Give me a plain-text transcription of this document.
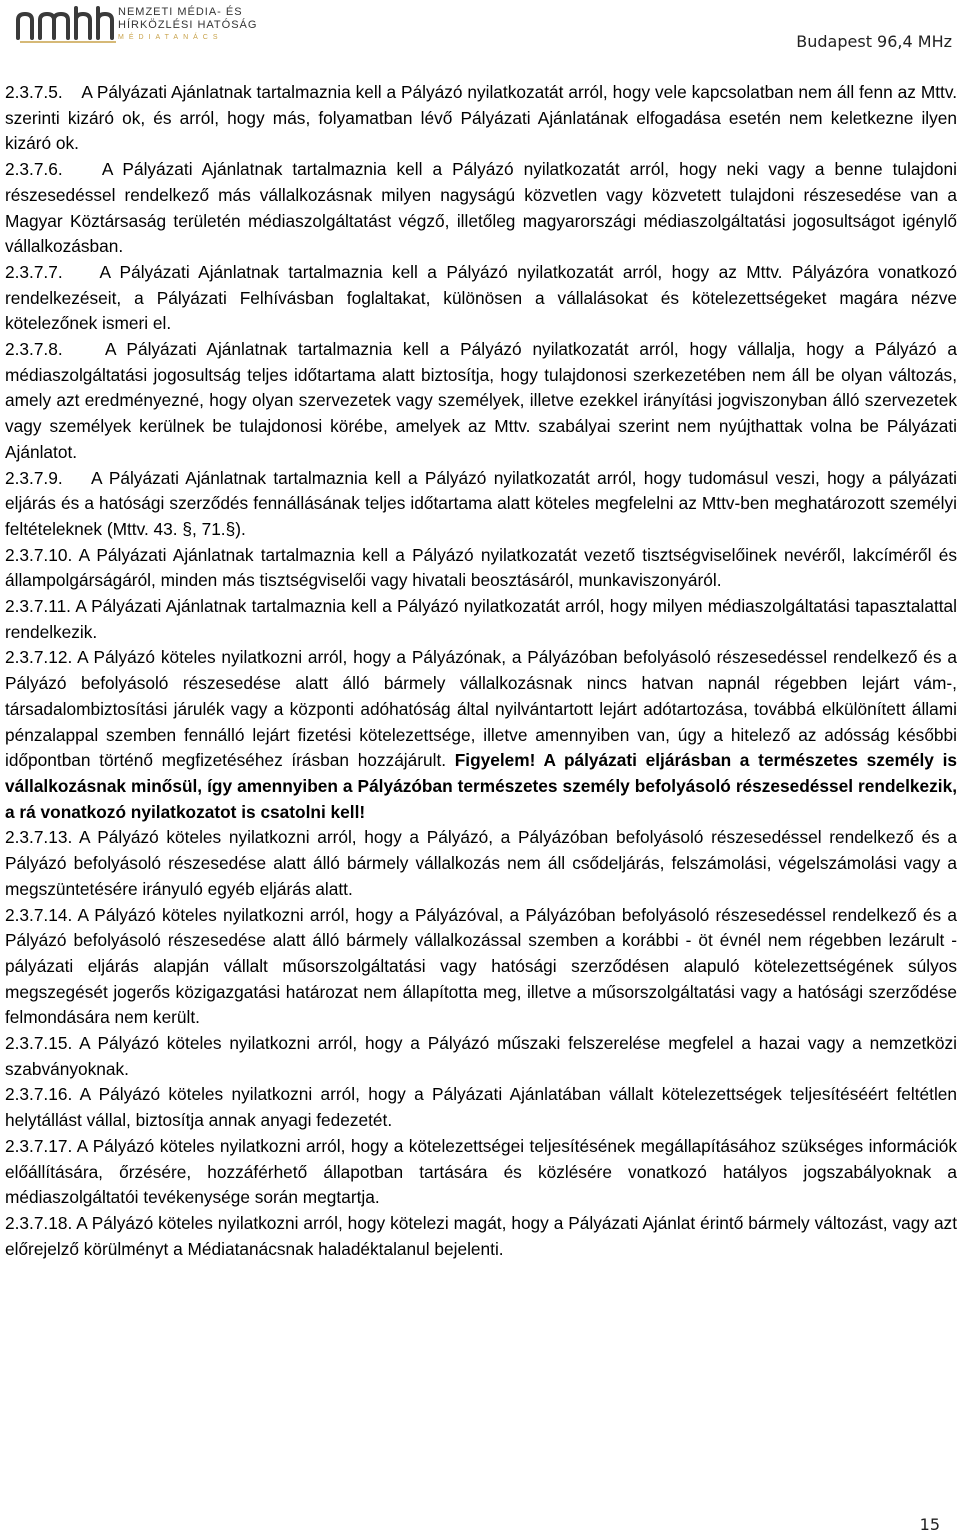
NEMZETI MÉDIA- ÉS
HÍRKÖZLÉSI HATÓSÁG
MÉDIATANÁCS	Budapest 96,4 MHz

2.3.7.5. A Pályázati Ajánlatnak tartalmaznia kell a Pályázó nyilatkozatát arról, hogy vele kapcsolatban nem áll fenn az Mttv. szerinti kizáró ok, és arról, hogy más, folyamatban lévő Pályázati Ajánlatának elfogadása esetén nem keletkezne ilyen kizáró ok.

2.3.7.6. A Pályázati Ajánlatnak tartalmaznia kell a Pályázó nyilatkozatát arról, hogy neki vagy a benne tulajdoni részesedéssel rendelkező más vállalkozásnak milyen nagyságú közvetlen vagy közvetett tulajdoni részesedése van a Magyar Köztársaság területén médiaszolgáltatást végző, illetőleg magyarországi médiaszolgáltatási jogosultságot igénylő vállalkozásban.

2.3.7.7. A Pályázati Ajánlatnak tartalmaznia kell a Pályázó nyilatkozatát arról, hogy az Mttv. Pályázóra vonatkozó rendelkezéseit, a Pályázati Felhívásban foglaltakat, különösen a vállalásokat és kötelezettségeket magára nézve kötelezőnek ismeri el.

2.3.7.8. A Pályázati Ajánlatnak tartalmaznia kell a Pályázó nyilatkozatát arról, hogy vállalja, hogy a Pályázó a médiaszolgáltatási jogosultság teljes időtartama alatt biztosítja, hogy tulajdonosi szerkezetében nem áll be olyan változás, amely azt eredményezné, hogy olyan szervezetek vagy személyek, illetve ezekkel irányítási jogviszonyban álló szervezetek vagy személyek kerülnek be tulajdonosi körébe, amelyek az Mttv. szabályai szerint nem nyújthattak volna be Pályázati Ajánlatot.

2.3.7.9. A Pályázati Ajánlatnak tartalmaznia kell a Pályázó nyilatkozatát arról, hogy tudomásul veszi, hogy a pályázati eljárás és a hatósági szerződés fennállásának teljes időtartama alatt köteles megfelelni az Mttv-ben meghatározott személyi feltételeknek (Mttv. 43. §, 71.§).

2.3.7.10. A Pályázati Ajánlatnak tartalmaznia kell a Pályázó nyilatkozatát vezető tisztségviselőinek nevéről, lakcíméről és állampolgárságáról, minden más tisztségviselői vagy hivatali beosztásáról, munkaviszonyáról.

2.3.7.11. A Pályázati Ajánlatnak tartalmaznia kell a Pályázó nyilatkozatát arról, hogy milyen médiaszolgáltatási tapasztalattal rendelkezik.

2.3.7.12. A Pályázó köteles nyilatkozni arról, hogy a Pályázónak, a Pályázóban befolyásoló részesedéssel rendelkező és a Pályázó befolyásoló részesedése alatt álló bármely vállalkozásnak nincs hatvan napnál régebben lejárt vám-, társadalombiztosítási járulék vagy a központi adóhatóság által nyilvántartott lejárt adótartozása, továbbá elkülönített állami pénzalappal szemben fennálló lejárt fizetési kötelezettsége, illetve amennyiben van, úgy a hitelező az adósság későbbi időpontban történő megfizetéséhez írásban hozzájárult. Figyelem! A pályázati eljárásban a természetes személy is vállalkozásnak minősül, így amennyiben a Pályázóban természetes személy befolyásoló részesedéssel rendelkezik, a rá vonatkozó nyilatkozatot is csatolni kell!

2.3.7.13. A Pályázó köteles nyilatkozni arról, hogy a Pályázó, a Pályázóban befolyásoló részesedéssel rendelkező és a Pályázó befolyásoló részesedése alatt álló bármely vállalkozás nem áll csődeljárás, felszámolási, végelszámolási vagy a megszüntetésére irányuló egyéb eljárás alatt.

2.3.7.14. A Pályázó köteles nyilatkozni arról, hogy a Pályázóval, a Pályázóban befolyásoló részesedéssel rendelkező és a Pályázó befolyásoló részesedése alatt álló bármely vállalkozással szemben a korábbi - öt évnél nem régebben lezárult - pályázati eljárás alapján vállalt műsorszolgáltatási vagy hatósági szerződésen alapuló kötelezettségének súlyos megszegését jogerős közigazgatási határozat nem állapította meg, illetve a műsorszolgáltatási vagy a hatósági szerződése felmondására nem került.

2.3.7.15. A Pályázó köteles nyilatkozni arról, hogy a Pályázó műszaki felszerelése megfelel a hazai vagy a nemzetközi szabványoknak.

2.3.7.16. A Pályázó köteles nyilatkozni arról, hogy a Pályázati Ajánlatában vállalt kötelezettségek teljesítéséért feltétlen helytállást vállal, biztosítja annak anyagi fedezetét.

2.3.7.17. A Pályázó köteles nyilatkozni arról, hogy a kötelezettségei teljesítésének megállapításához szükséges információk előállítására, őrzésére, hozzáférhető állapotban tartására és közlésére vonatkozó hatályos jogszabályoknak a médiaszolgáltatói tevékenysége során megtartja.

2.3.7.18. A Pályázó köteles nyilatkozni arról, hogy kötelezi magát, hogy a Pályázati Ajánlat érintő bármely változást, vagy azt előrejelző körülményt a Médiatanácsnak haladéktalanul bejelenti.

15
